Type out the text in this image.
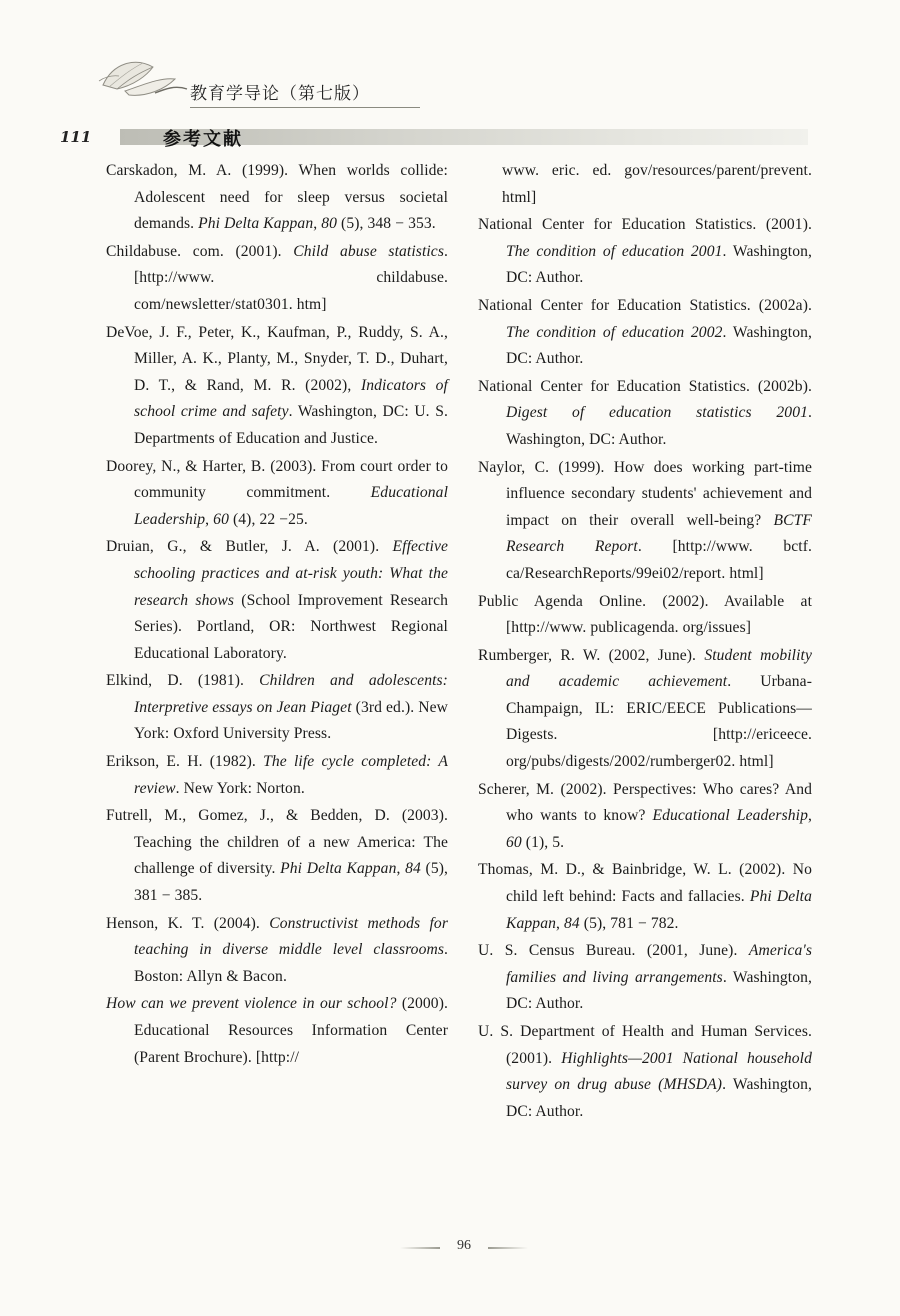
教育学导论（第七版）
111	参考文献

Carskadon, M. A. (1999). When worlds collide: Adolescent need for sleep versus societal demands. Phi Delta Kappan, 80 (5), 348 − 353.

Childabuse. com. (2001). Child abuse statistics. [http://www. childabuse. com/newsletter/stat0301. htm]

DeVoe, J. F., Peter, K., Kaufman, P., Ruddy, S. A., Miller, A. K., Planty, M., Snyder, T. D., Duhart, D. T., & Rand, M. R. (2002), Indicators of school crime and safety. Washington, DC: U. S. Departments of Education and Justice.

Doorey, N., & Harter, B. (2003). From court order to community commitment. Educational Leadership, 60 (4), 22 −25.

Druian, G., & Butler, J. A. (2001). Effective schooling practices and at-risk youth: What the research shows (School Improvement Research Series). Portland, OR: Northwest Regional Educational Laboratory.

Elkind, D. (1981). Children and adolescents: Interpretive essays on Jean Piaget (3rd ed.). New York: Oxford University Press.

Erikson, E. H. (1982). The life cycle completed: A review. New York: Norton.

Futrell, M., Gomez, J., & Bedden, D. (2003). Teaching the children of a new America: The challenge of diversity. Phi Delta Kappan, 84 (5), 381 − 385.

Henson, K. T. (2004). Constructivist methods for teaching in diverse middle level classrooms. Boston: Allyn & Bacon.

How can we prevent violence in our school? (2000). Educational Resources Information Center (Parent Brochure). [http://

www. eric. ed. gov/resources/parent/prevent. html]

National Center for Education Statistics. (2001). The condition of education 2001. Washington, DC: Author.

National Center for Education Statistics. (2002a). The condition of education 2002. Washington, DC: Author.

National Center for Education Statistics. (2002b). Digest of education statistics 2001. Washington, DC: Author.

Naylor, C. (1999). How does working part-time influence secondary students' achievement and impact on their overall well-being? BCTF Research Report. [http://www. bctf. ca/ResearchReports/99ei02/report. html]

Public Agenda Online. (2002). Available at [http://www. publicagenda. org/issues]

Rumberger, R. W. (2002, June). Student mobility and academic achievement. Urbana-Champaign, IL: ERIC/EECE Publications—Digests. [http://ericeece. org/pubs/digests/2002/rumberger02. html]

Scherer, M. (2002). Perspectives: Who cares? And who wants to know? Educational Leadership, 60 (1), 5.

Thomas, M. D., & Bainbridge, W. L. (2002). No child left behind: Facts and fallacies. Phi Delta Kappan, 84 (5), 781 − 782.

U. S. Census Bureau. (2001, June). America's families and living arrangements. Washington, DC: Author.

U. S. Department of Health and Human Services. (2001). Highlights—2001 National household survey on drug abuse (MHSDA). Washington, DC: Author.

96
